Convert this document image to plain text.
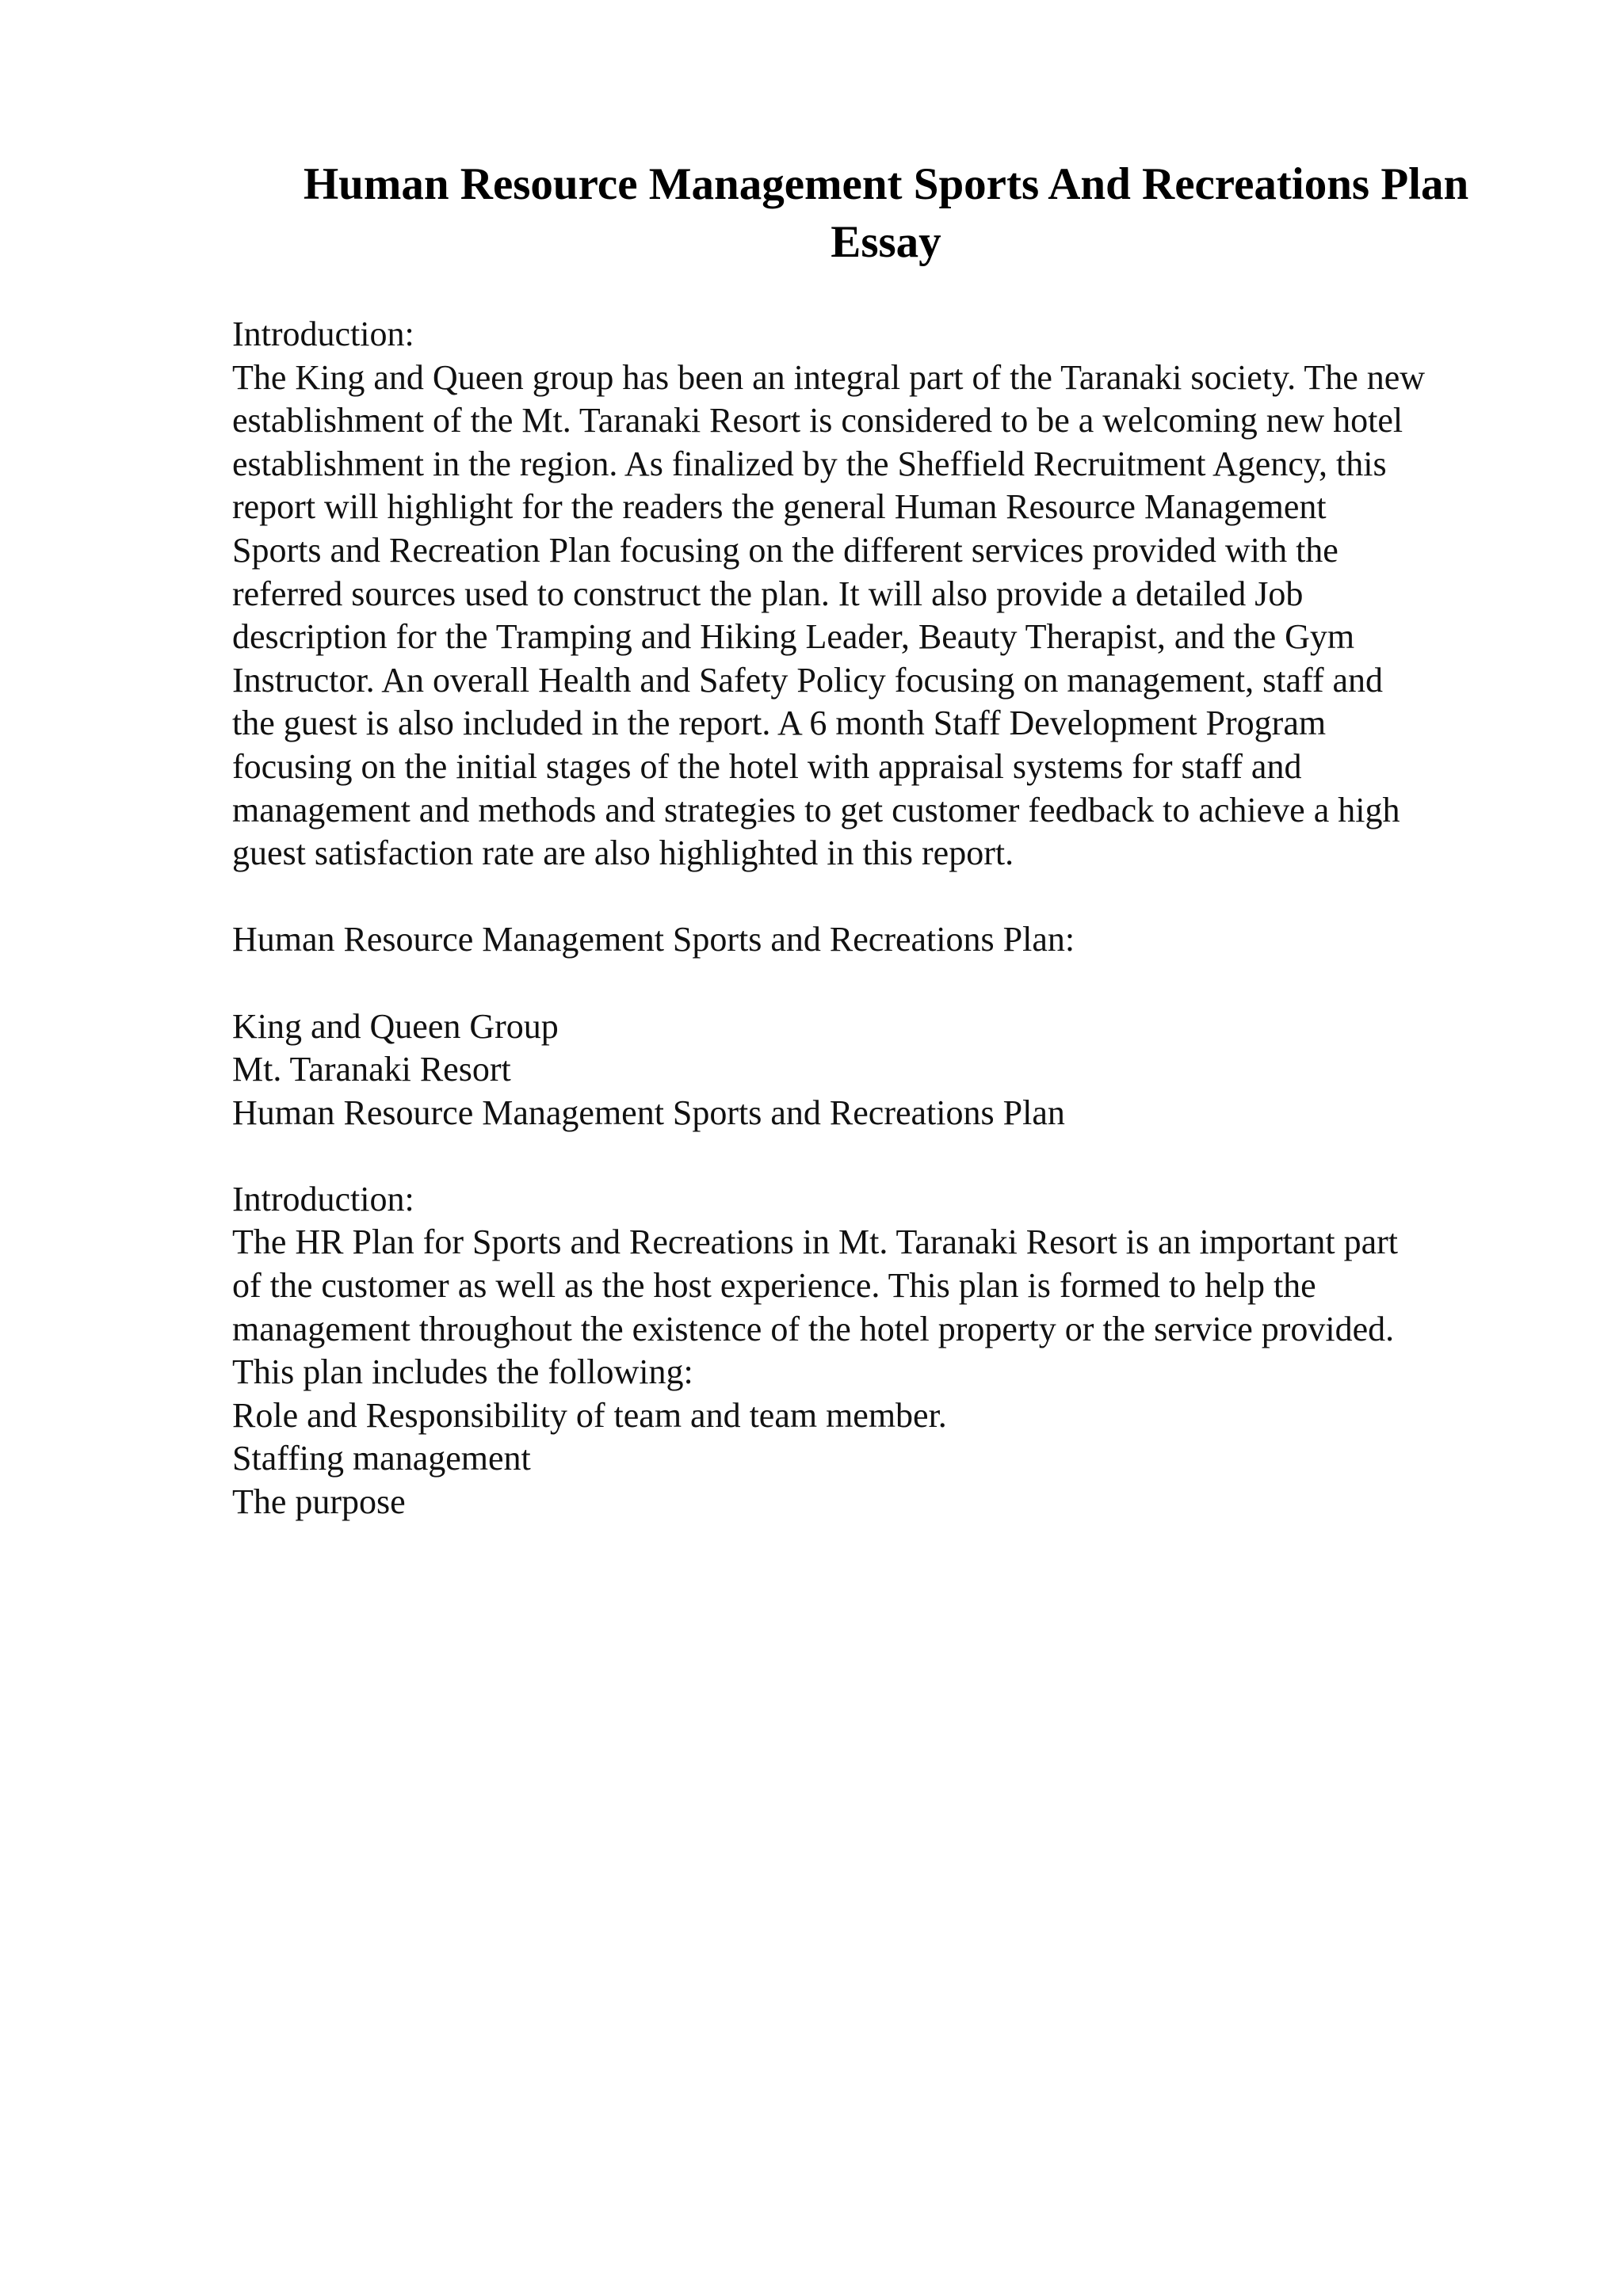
Human Resource Management Sports And Recreations Plan
Essay
Introduction:
The King and Queen group has been an integral part of the Taranaki society. The new
establishment of the Mt. Taranaki Resort is considered to be a welcoming new hotel
establishment in the region. As finalized by the Sheffield Recruitment Agency, this
report will highlight for the readers the general Human Resource Management
Sports and Recreation Plan focusing on the different services provided with the
referred sources used to construct the plan. It will also provide a detailed Job
description for the Tramping and Hiking Leader, Beauty Therapist, and the Gym
Instructor. An overall Health and Safety Policy focusing on management, staff and
the guest is also included in the report. A 6 month Staff Development Program
focusing on the initial stages of the hotel with appraisal systems for staff and
management and methods and strategies to get customer feedback to achieve a high
guest satisfaction rate are also highlighted in this report.
Human Resource Management Sports and Recreations Plan:
King and Queen Group
Mt. Taranaki Resort
Human Resource Management Sports and Recreations Plan
Introduction:
The HR Plan for Sports and Recreations in Mt. Taranaki Resort is an important part
of the customer as well as the host experience. This plan is formed to help the
management throughout the existence of the hotel property or the service provided.
This plan includes the following:
Role and Responsibility of team and team member.
Staffing management
The purpose
